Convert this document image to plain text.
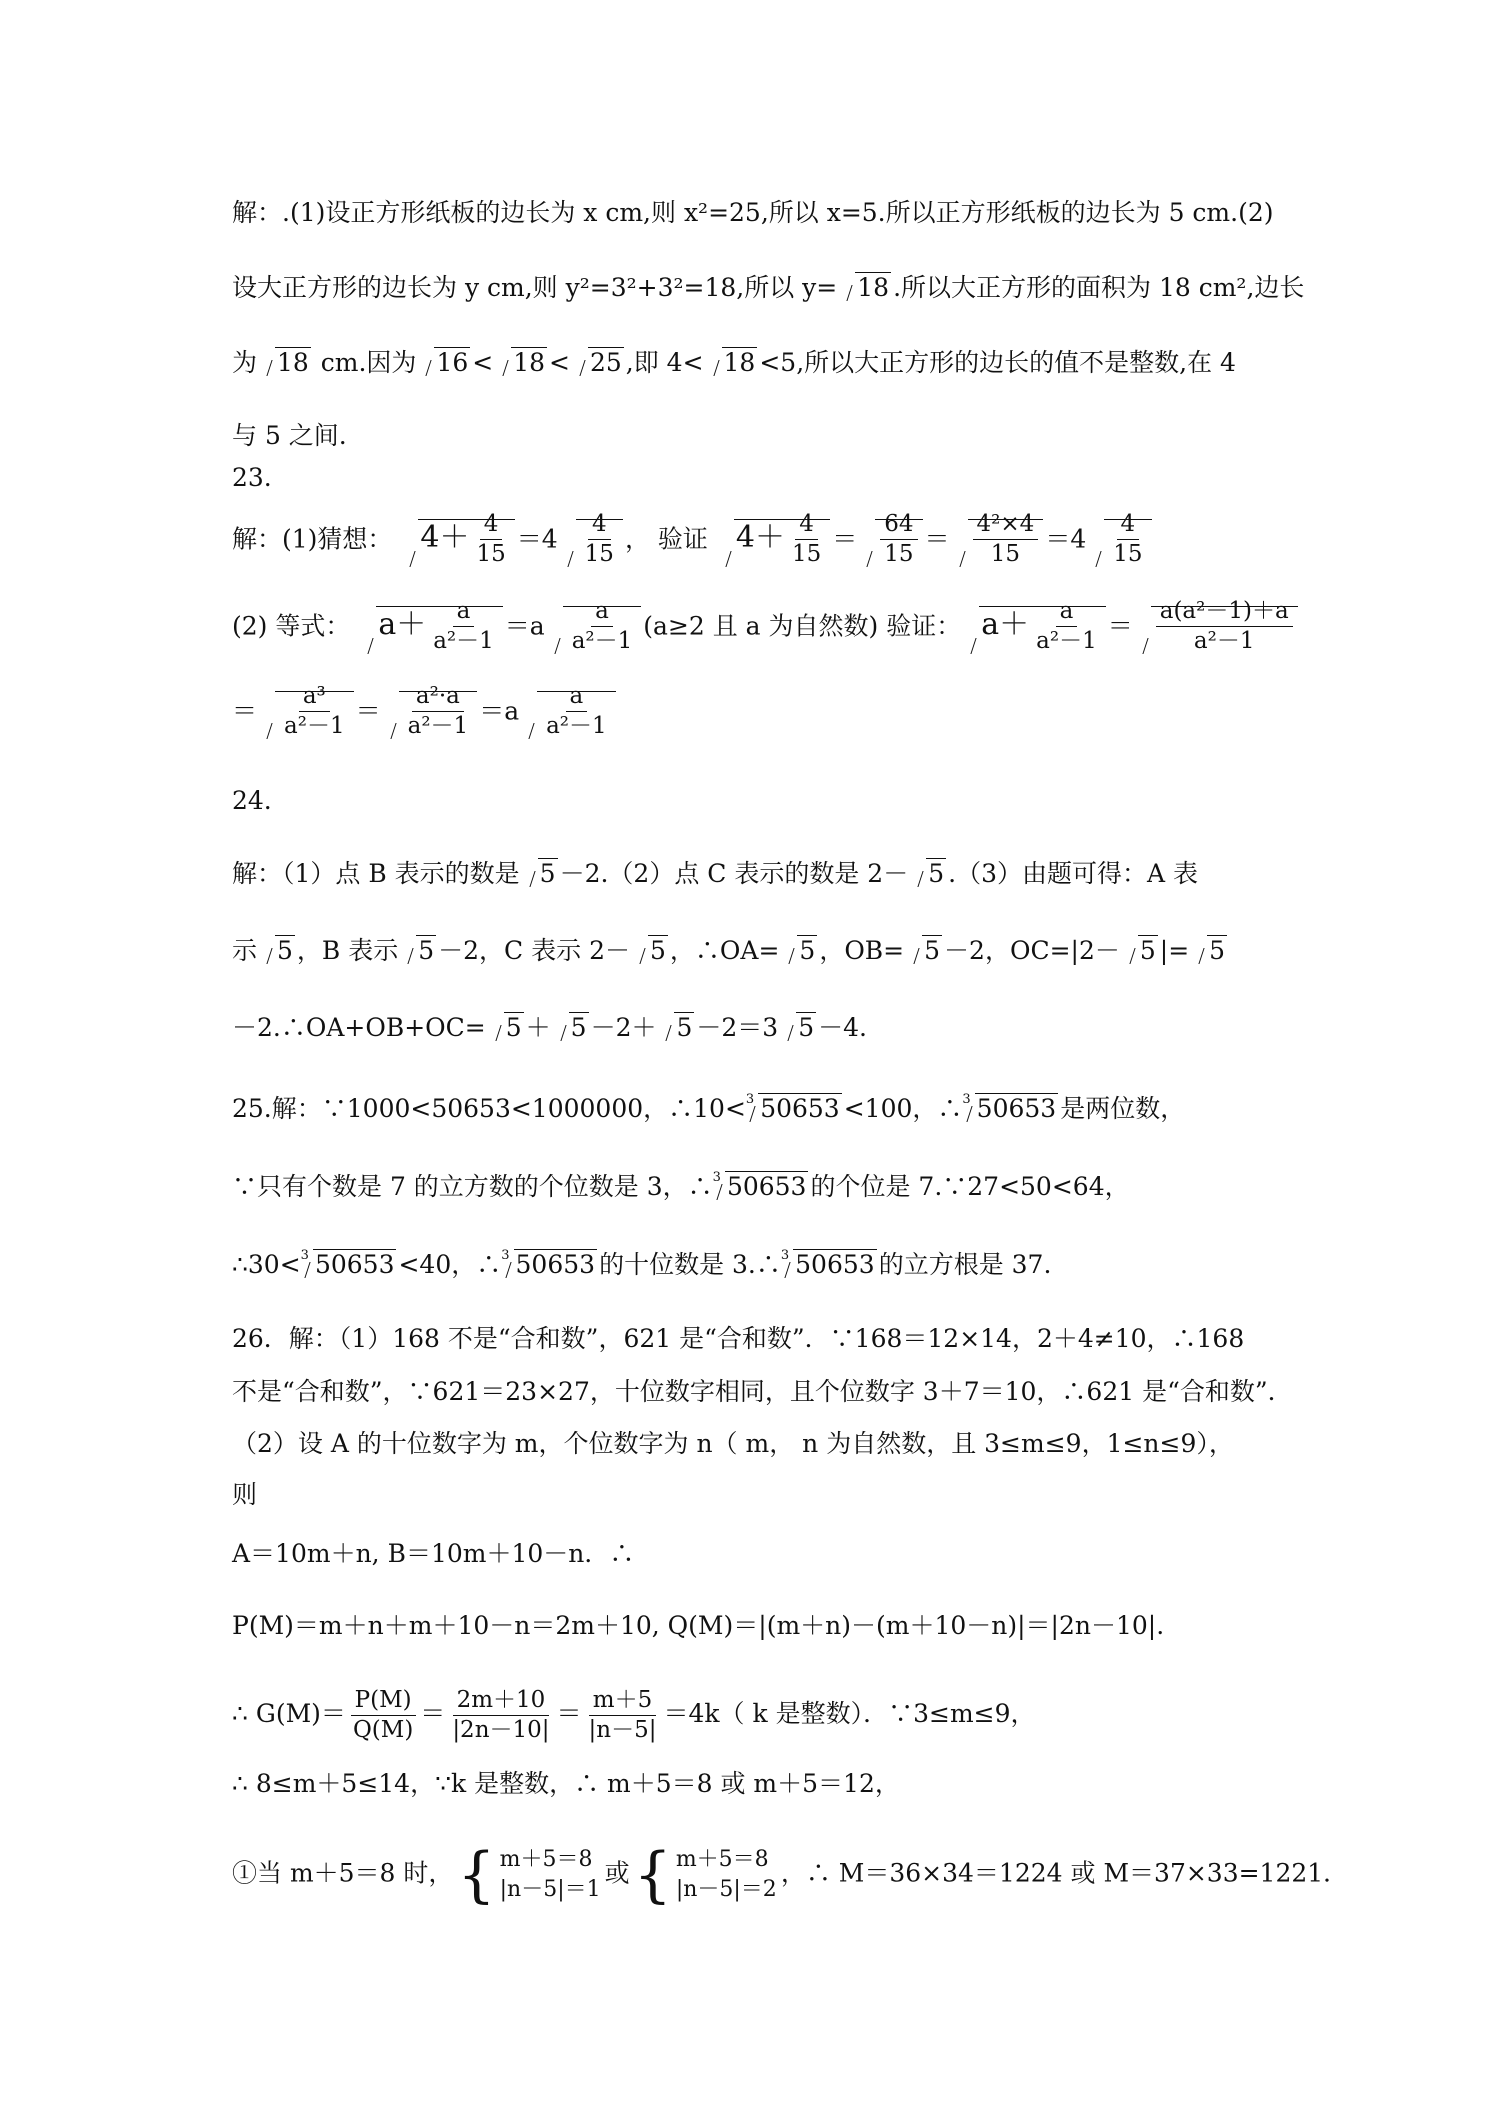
解：.(1)设正方形纸板的边长为 x cm,则 x²=25,所以 x=5.所以正方形纸板的边长为 5 cm.(2)
设大正方形的边长为 y cm,则 y²=3²+3²=18,所以 y= 18 .所以大正方形的面积为 18 cm²,边长
为 18 cm.因为 16 < 18 < 25 ,即 4< 18 <5,所以大正方形的边长的值不是整数,在 4
与 5 之间.
23.
解：(1)猜想： $4+ \frac{4}{15} =4 \frac{4}{15}$ ， 验证 $4+ \frac{4}{15} = \frac{64}{15} = \frac{\text{4²×4}}{15} =4 \frac{4}{15}$
(2) 等式： $a+ \frac{a}{\text{a²－1}} =a \frac{a}{\text{a²－1}} (a\ge 2$ 且 a 为自然数) 验证： $a+ \frac{a}{\text{a²－1}} = \frac{\text{a(a²－1)＋a}}{\text{a²－1}}$
＝ $\frac{\text{a³}}{\text{a²－1}} = \frac{\text{a²·a}}{\text{a²－1}} =a \frac{a}{\text{a²－1}}$
24.
解：（1）点 B 表示的数是 5 －2.（2）点 C 表示的数是 2－ 5 .（3）由题可得：A 表
示 5 ，B 表示 5 －2，C 表示 2－ 5 ，∴OA= 5 ，OB= 5 －2，OC=|2－ 5 |= 5
－2.∴OA+OB+OC= 5 ＋ 5 －2＋ 5 －2＝3 5 －4.
25.解：∵1000<50653<1000000，∴10<$^3$ 50653 <100，∴$^3$ 50653 是两位数，
∵只有个数是 7 的立方数的个位数是 3，∴$^3$ 50653 的个位是 7.∵27<50<64，
∴30<$^3$ 50653 <40，∴$^3$ 50653 的十位数是 3.∴$^3$ 50653 的立方根是 37.
26．解：（1）168 不是“合和数”，621 是“合和数”．∵168＝12×14，2＋4≠10，∴168
不是“合和数”，∵621＝23×27，十位数字相同，且个位数字 3＋7＝10，∴621 是“合和数”．
（2）设 A 的十位数字为 m，个位数字为 n（ m， n 为自然数，且 3≤m≤9，1≤n≤9），
则
A＝10m＋n, B＝10m＋10－n．∴
P(M)＝m＋n＋m＋10－n＝2m＋10, Q(M)＝|(m＋n)－(m＋10－n)|＝|2n－10|.
∴ $G(M)= \frac{P(M)}{Q(M)} = \frac{2m+10}{|2n-10|} = \frac{m+5}{|n-5|} =4k$（ k 是整数）．∵3≤m≤9，
∴ 8≤m＋5≤14，∵k 是整数，∴ m＋5＝8 或 m＋5＝12，
①当 m＋5＝8 时， { m＋5＝8
|n－5|＝1
或 { m＋5＝8
|n－5|＝2
，∴ M＝36×34＝1224 或 M＝37×33=1221．
